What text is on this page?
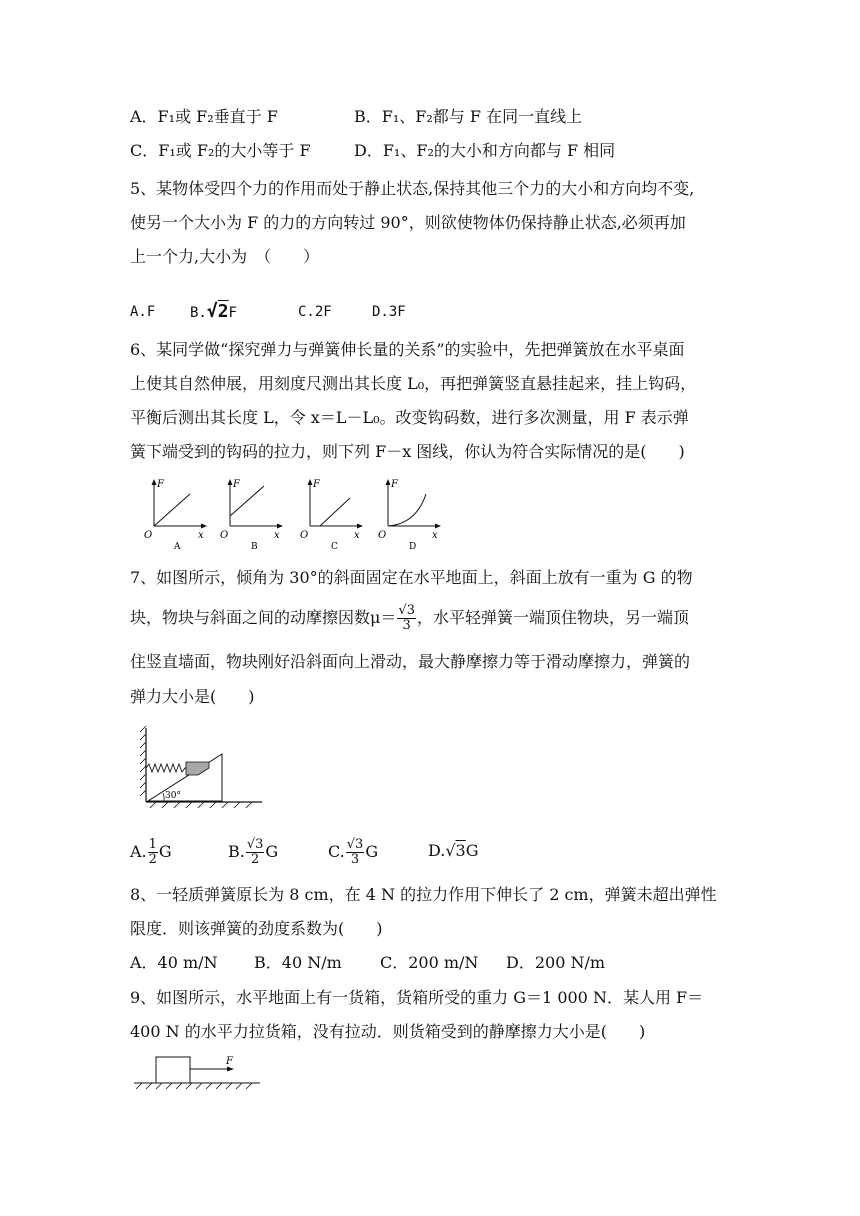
A．F₁或 F₂垂直于 F	B．F₁、F₂都与 F 在同一直线上
C．F₁或 F₂的大小等于 F	D．F₁、F₂的大小和方向都与 F 相同
5、某物体受四个力的作用而处于静止状态,保持其他三个力的大小和方向均不变,
使另一个大小为 F 的力的方向转过 90°，则欲使物体仍保持静止状态,必须再加
上一个力,大小为　（　　）
A.F B.√2F	C.2F	D.3F
6、某同学做“探究弹力与弹簧伸长量的关系”的实验中，先把弹簧放在水平桌面
上使其自然伸展，用刻度尺测出其长度 L₀，再把弹簧竖直悬挂起来，挂上钩码，
平衡后测出其长度 L，令 x＝L－L₀。改变钩码数，进行多次测量，用 F 表示弹
簧下端受到的钩码的拉力，则下列 F－x 图线，你认为符合实际情况的是(　　)
F
O	x
A
F
O	x
B
F
O	x
C
F
O	x
D
7、如图所示，倾角为 30°的斜面固定在水平地面上，斜面上放有一重为 G 的物
块，物块与斜面之间的动摩擦因数$\mu= \frac{√3}{3}$ ，水平轻弹簧一端顶住物块，另一端顶
住竖直墙面，物块刚好沿斜面向上滑动，最大静摩擦力等于滑动摩擦力，弹簧的
弹力大小是(　　)
30°
A. $\frac{1}{2}$ G	B. $\frac{√3}{2}$ G	C. $\frac{√3}{3}$ G	D.√3G
8、一轻质弹簧原长为 8 cm，在 4 N 的拉力作用下伸长了 2 cm，弹簧未超出弹性
限度．则该弹簧的劲度系数为(　　)
A．40 m/N B．40 N/m C．200 m/N D．200 N/m
9、如图所示，水平地面上有一货箱，货箱所受的重力 G＝1 000 N．某人用 F＝
400 N 的水平力拉货箱，没有拉动．则货箱受到的静摩擦力大小是(　　)
F
